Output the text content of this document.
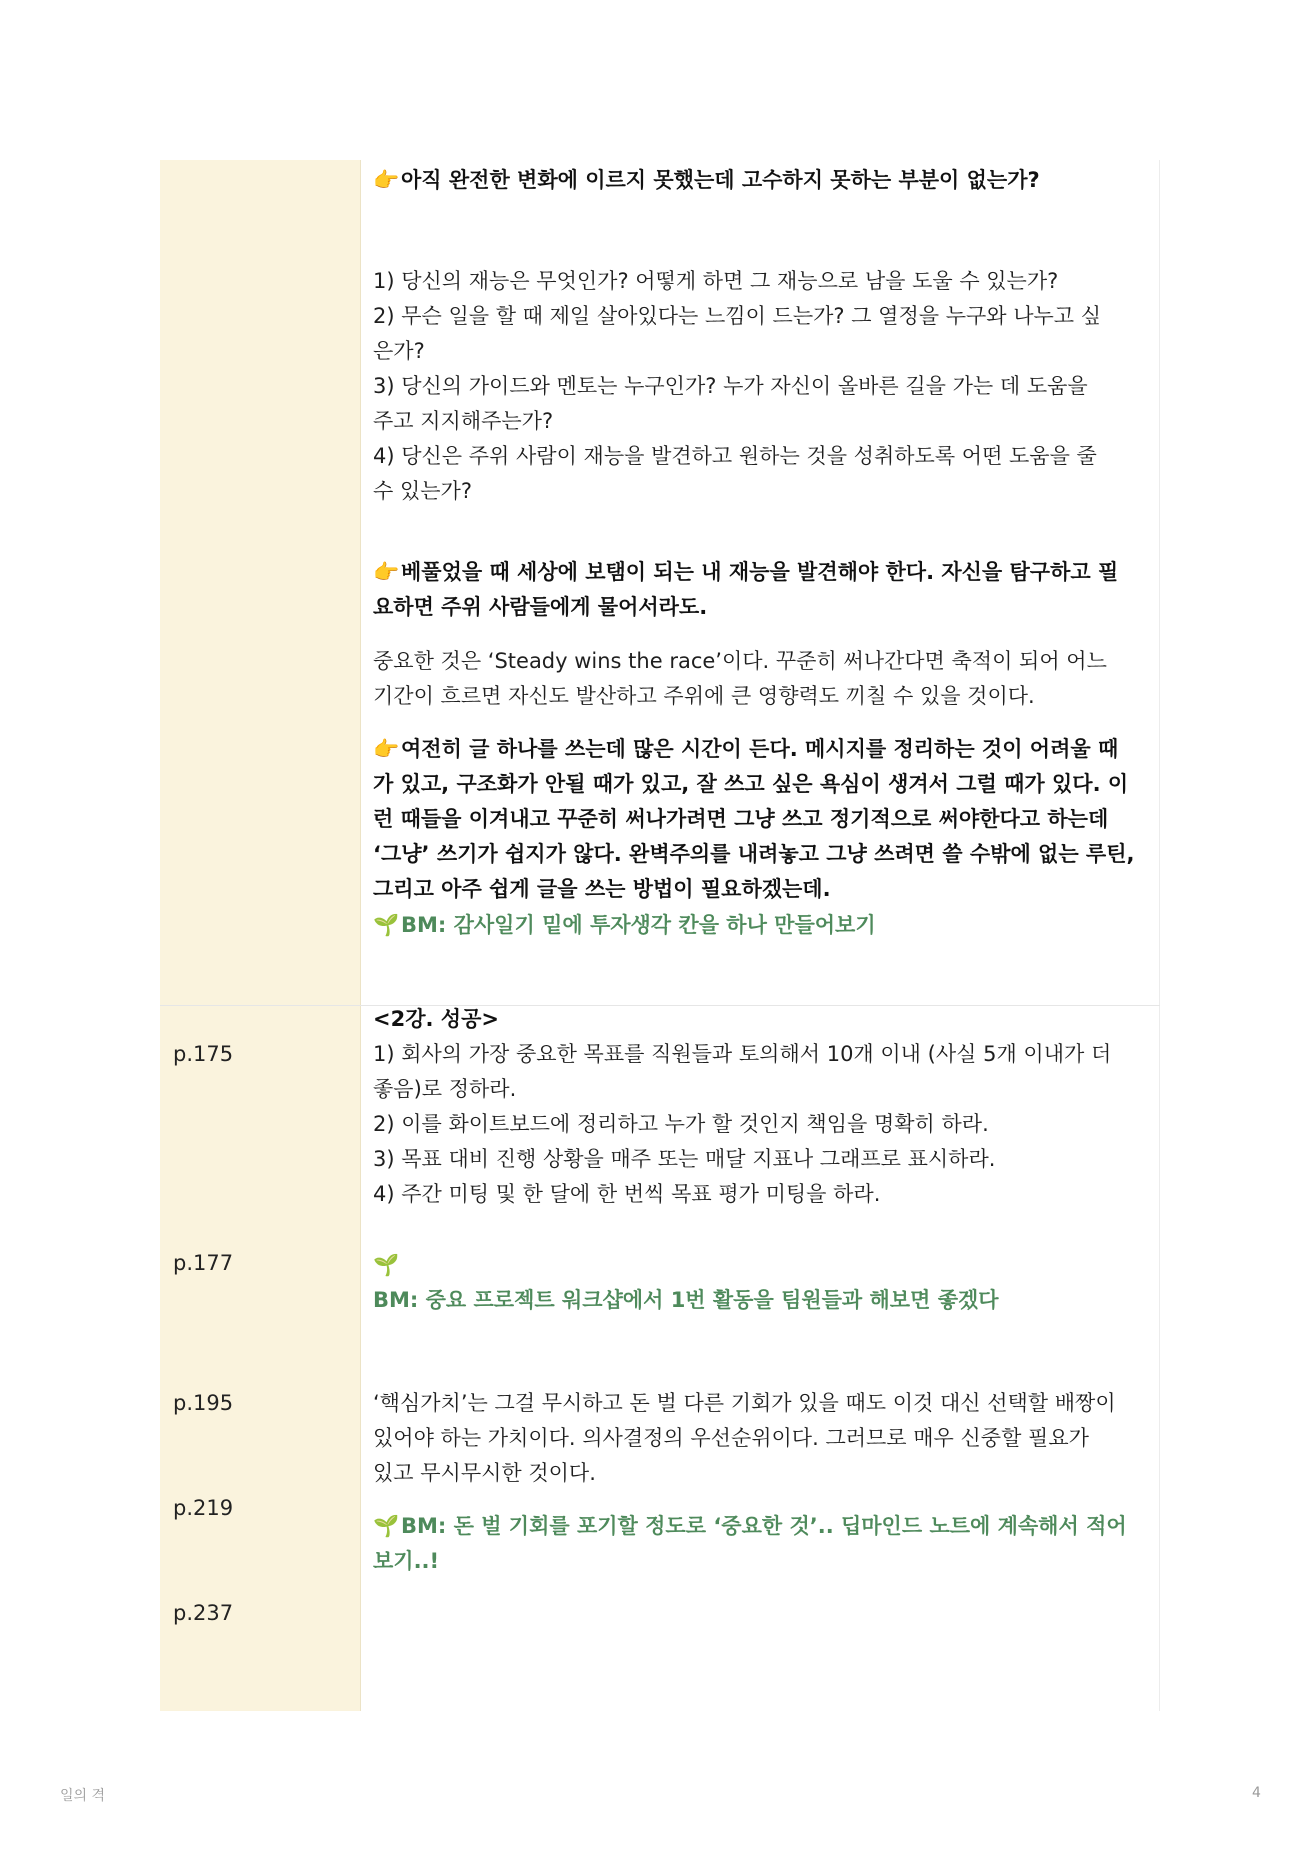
👉아직 완전한 변화에 이르지 못했는데 고수하지 못하는 부분이 없는가?
1) 당신의 재능은 무엇인가? 어떻게 하면 그 재능으로 남을 도울 수 있는가?
2) 무슨 일을 할 때 제일 살아있다는 느낌이 드는가? 그 열정을 누구와 나누고 싶
은가?
3) 당신의 가이드와 멘토는 누구인가? 누가 자신이 올바른 길을 가는 데 도움을
주고 지지해주는가?
4) 당신은 주위 사람이 재능을 발견하고 원하는 것을 성취하도록 어떤 도움을 줄
수 있는가?
👉베풀었을 때 세상에 보탬이 되는 내 재능을 발견해야 한다. 자신을 탐구하고 필
요하면 주위 사람들에게 물어서라도.
중요한 것은 ‘Steady wins the race’이다. 꾸준히 써나간다면 축적이 되어 어느
기간이 흐르면 자신도 발산하고 주위에 큰 영향력도 끼칠 수 있을 것이다.
👉여전히 글 하나를 쓰는데 많은 시간이 든다. 메시지를 정리하는 것이 어려울 때
가 있고, 구조화가 안될 때가 있고, 잘 쓰고 싶은 욕심이 생겨서 그럴 때가 있다. 이
런 때들을 이겨내고 꾸준히 써나가려면 그냥 쓰고 정기적으로 써야한다고 하는데
‘그냥’ 쓰기가 쉽지가 않다. 완벽주의를 내려놓고 그냥 쓰려면 쓸 수밖에 없는 루틴,
그리고 아주 쉽게 글을 쓰는 방법이 필요하겠는데.
🌱BM: 감사일기 밑에 투자생각 칸을 하나 만들어보기
p.175
p.177
p.195
p.219
p.237
<2강. 성공>
1) 회사의 가장 중요한 목표를 직원들과 토의해서 10개 이내 (사실 5개 이내가 더
좋음)로 정하라.
2) 이를 화이트보드에 정리하고 누가 할 것인지 책임을 명확히 하라.
3) 목표 대비 진행 상황을 매주 또는 매달 지표나 그래프로 표시하라.
4) 주간 미팅 및 한 달에 한 번씩 목표 평가 미팅을 하라.
🌱
BM: 중요 프로젝트 워크샵에서 1번 활동을 팀원들과 해보면 좋겠다
‘핵심가치’는 그걸 무시하고 돈 벌 다른 기회가 있을 때도 이것 대신 선택할 배짱이
있어야 하는 가치이다. 의사결정의 우선순위이다. 그러므로 매우 신중할 필요가
있고 무시무시한 것이다.
🌱BM: 돈 벌 기회를 포기할 정도로 ‘중요한 것’.. 딥마인드 노트에 계속해서 적어
보기..!
일의 격	4
